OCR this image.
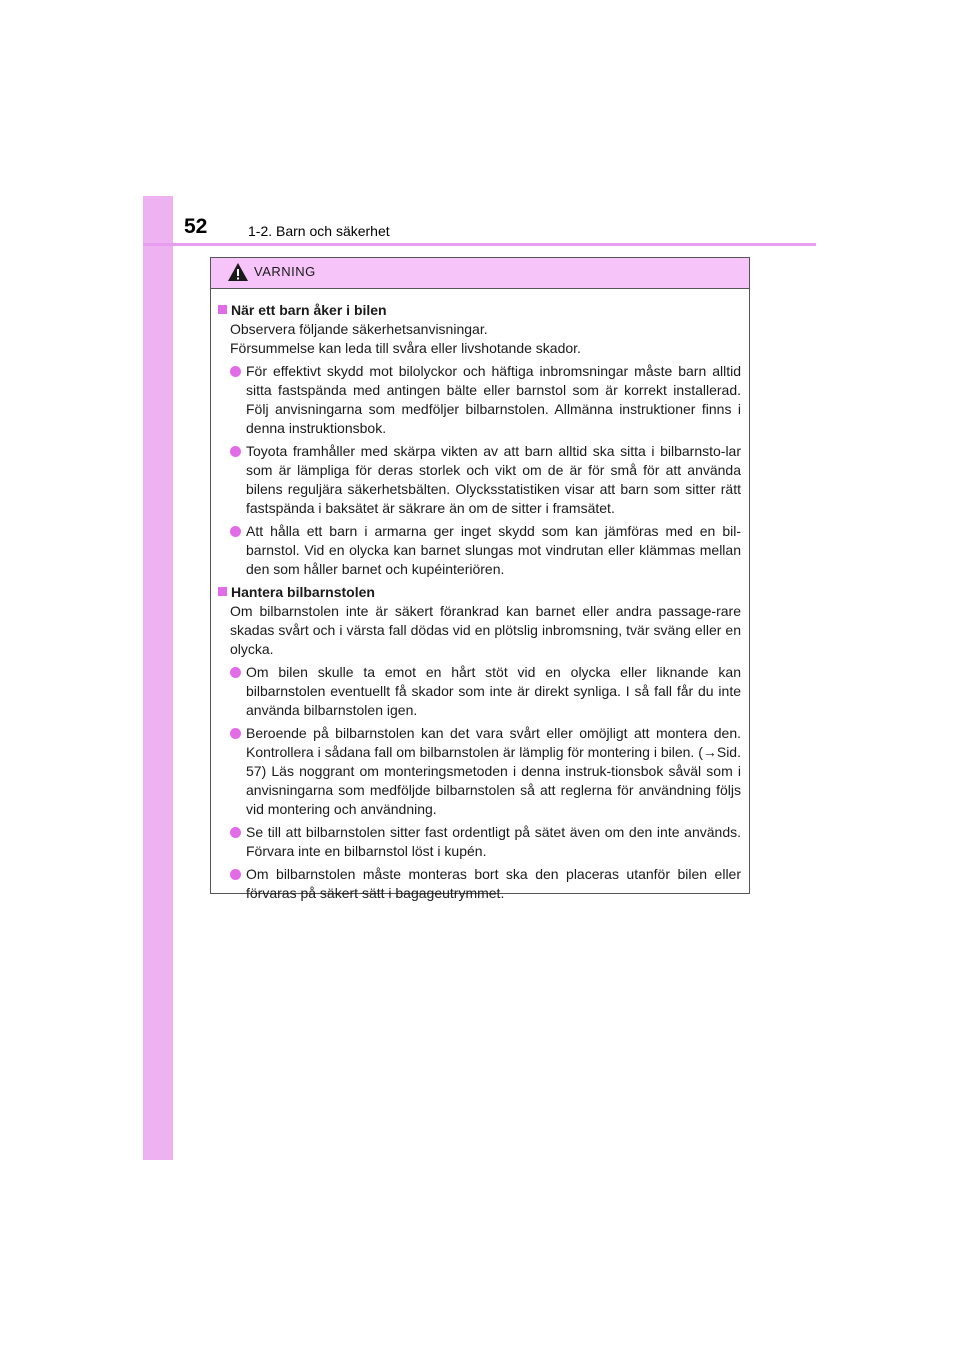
52	1-2. Barn och säkerhet
VARNING
När ett barn åker i bilen

Observera följande säkerhetsanvisningar.

Försummelse kan leda till svåra eller livshotande skador.

För effektivt skydd mot bilolyckor och häftiga inbromsningar måste barn alltid sitta fastspända med antingen bälte eller barnstol som är korrekt installerad. Följ anvisningarna som medföljer bilbarnstolen. Allmänna instruktioner finns i denna instruktionsbok.

Toyota framhåller med skärpa vikten av att barn alltid ska sitta i bilbarnsto-lar som är lämpliga för deras storlek och vikt om de är för små för att använda bilens reguljära säkerhetsbälten. Olycksstatistiken visar att barn som sitter rätt fastspända i baksätet är säkrare än om de sitter i framsätet.

Att hålla ett barn i armarna ger inget skydd som kan jämföras med en bil-barnstol. Vid en olycka kan barnet slungas mot vindrutan eller klämmas mellan den som håller barnet och kupéinteriören.

Hantera bilbarnstolen

Om bilbarnstolen inte är säkert förankrad kan barnet eller andra passage-rare skadas svårt och i värsta fall dödas vid en plötslig inbromsning, tvär sväng eller en olycka.

Om bilen skulle ta emot en hårt stöt vid en olycka eller liknande kan bilbarnstolen eventuellt få skador som inte är direkt synliga. I så fall får du inte använda bilbarnstolen igen.

Beroende på bilbarnstolen kan det vara svårt eller omöjligt att montera den. Kontrollera i sådana fall om bilbarnstolen är lämplig för montering i bilen. (→Sid. 57) Läs noggrant om monteringsmetoden i denna instruk-tionsbok såväl som i anvisningarna som medföljde bilbarnstolen så att reglerna för användning följs vid montering och användning.

Se till att bilbarnstolen sitter fast ordentligt på sätet även om den inte används. Förvara inte en bilbarnstol löst i kupén.

Om bilbarnstolen måste monteras bort ska den placeras utanför bilen eller förvaras på säkert sätt i bagageutrymmet.
